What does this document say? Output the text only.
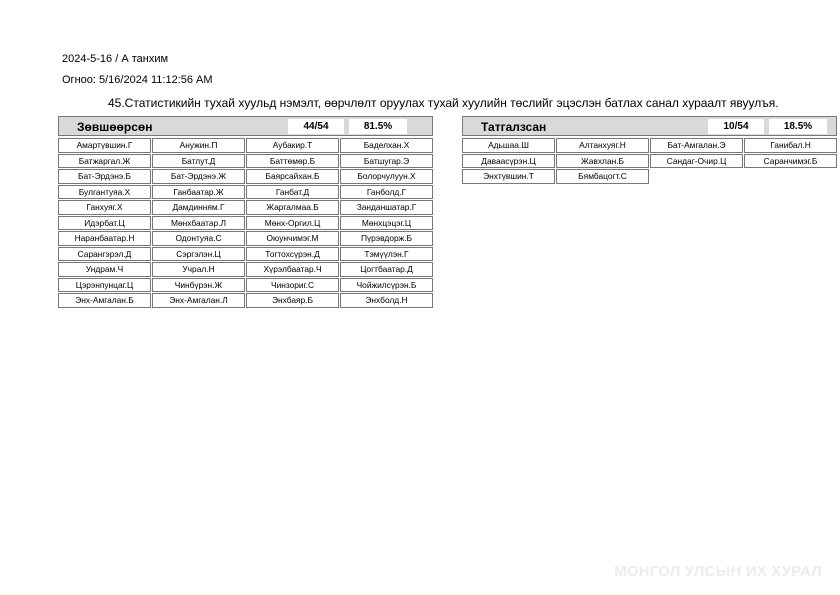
2024-5-16 / А танхим
Огноо: 5/16/2024 11:12:56 AM
45.Статистикийн тухай хуульд нэмэлт, өөрчлөлт оруулах тухай хуулийн төслийг эцэслэн батлах санал хураалт явуулъя.
Зөвшөөрсөн	44/54	81.5%
Амартүвшин.Г	Анужин.П	Аубакир.Т	Баделхан.Х
Батжаргал.Ж	Батлут.Д	Баттөмөр.Б	Батшугар.Э
Бат-Эрдэнэ.Б	Бат-Эрдэнэ.Ж	Баярсайхан.Б	Болорчулуун.Х
Булгантуяа.Х	Ганбаатар.Ж	Ганбат.Д	Ганболд.Г
Ганхуяг.Х	Дамдинням.Г	Жаргалмаа.Б	Занданшатар.Г
Идэрбат.Ц	Мөнхбаатар.Л	Мөнх-Оргил.Ц	Мөнхцэцэг.Ц
Наранбаатар.Н	Одонтуяа.С	Оюунчимэг.М	Пүрэвдорж.Б
Сарангэрэл.Д	Сэргэлэн.Ц	Тогтохсүрэн.Д	Тэмүүлэн.Г
Ундрам.Ч	Учрал.Н	Хүрэлбаатар.Ч	Цогтбаатар.Д
Цэрэнпунцаг.Ц	Чинбүрэн.Ж	Чинзориг.С	Чойжилсүрэн.Б
Энх-Амгалан.Б	Энх-Амгалан.Л	Энхбаяр.Б	Энхболд.Н
Татгалзсан	10/54	18.5%
Адьшаа.Ш	Алтанхуяг.Н	Бат-Амгалан.Э	Ганибал.Н
Даваасүрэн.Ц	Жавхлан.Б	Сандаг-Очир.Ц	Саранчимэг.Б
Энхтүвшин.Т	Бямбацогт.С
МОНГОЛ УЛСЫН ИХ ХУРАЛ
